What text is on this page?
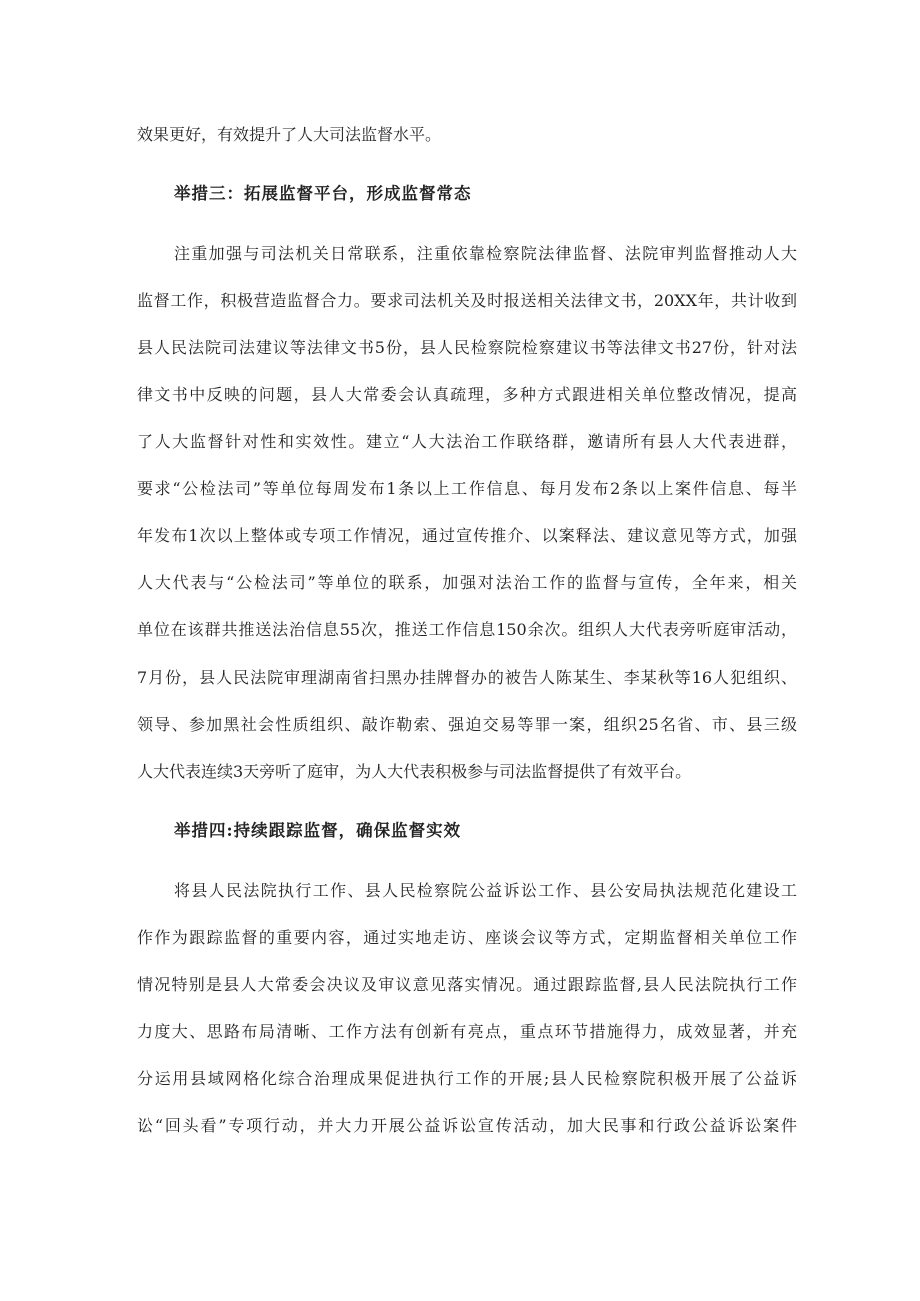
效果更好，有效提升了人大司法监督水平。
举措三：拓展监督平台，形成监督常态
注重加强与司法机关日常联系，注重依靠检察院法律监督、法院审判监督推动人大
监督工作，积极营造监督合力。要求司法机关及时报送相关法律文书，20XX年，共计收到
县人民法院司法建议等法律文书5份，县人民检察院检察建议书等法律文书27份，针对法
律文书中反映的问题，县人大常委会认真疏理，多种方式跟进相关单位整改情况，提高
了人大监督针对性和实效性。建立“人大法治工作联络群，邀请所有县人大代表进群，
要求“公检法司”等单位每周发布1条以上工作信息、每月发布2条以上案件信息、每半
年发布1次以上整体或专项工作情况，通过宣传推介、以案释法、建议意见等方式，加强
人大代表与“公检法司”等单位的联系，加强对法治工作的监督与宣传，全年来，相关
单位在该群共推送法治信息55次，推送工作信息150余次。组织人大代表旁听庭审活动，
7月份，县人民法院审理湖南省扫黑办挂牌督办的被告人陈某生、李某秋等16人犯组织、
领导、参加黑社会性质组织、敲诈勒索、强迫交易等罪一案，组织25名省、市、县三级
人大代表连续3天旁听了庭审，为人大代表积极参与司法监督提供了有效平台。
举措四:持续跟踪监督，确保监督实效
将县人民法院执行工作、县人民检察院公益诉讼工作、县公安局执法规范化建设工
作作为跟踪监督的重要内容，通过实地走访、座谈会议等方式，定期监督相关单位工作
情况特别是县人大常委会决议及审议意见落实情况。通过跟踪监督,县人民法院执行工作
力度大、思路布局清晰、工作方法有创新有亮点，重点环节措施得力，成效显著，并充
分运用县域网格化综合治理成果促进执行工作的开展;县人民检察院积极开展了公益诉
讼“回头看”专项行动，并大力开展公益诉讼宣传活动，加大民事和行政公益诉讼案件
